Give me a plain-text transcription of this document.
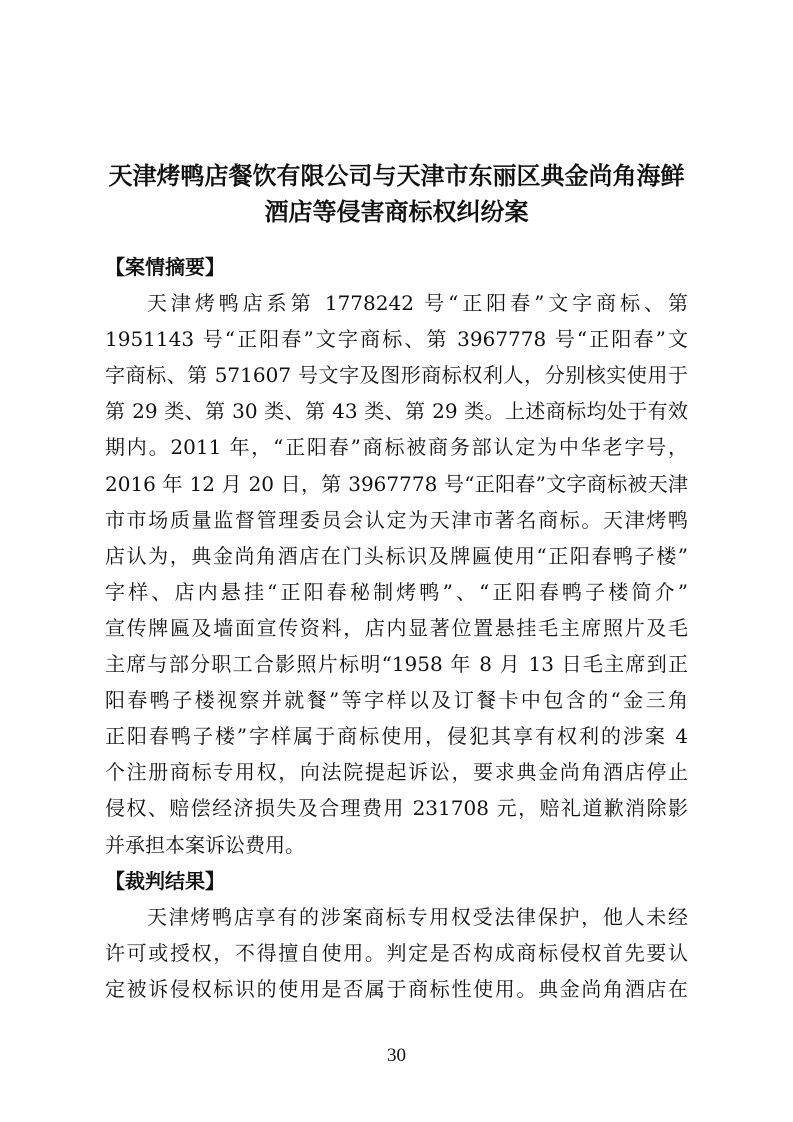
天津烤鸭店餐饮有限公司与天津市东丽区典金尚角海鲜
酒店等侵害商标权纠纷案
【案情摘要】
天津烤鸭店系第 1778242 号“正阳春”文字商标、第
1951143 号“正阳春”文字商标、第 3967778 号“正阳春”文
字商标、第 571607 号文字及图形商标权利人，分别核实使用于
第 29 类、第 30 类、第 43 类、第 29 类。上述商标均处于有效
期内。2011 年，“正阳春”商标被商务部认定为中华老字号，
2016 年 12 月 20 日，第 3967778 号“正阳春”文字商标被天津
市市场质量监督管理委员会认定为天津市著名商标。天津烤鸭
店认为，典金尚角酒店在门头标识及牌匾使用“正阳春鸭子楼”
字样、店内悬挂“正阳春秘制烤鸭”、“正阳春鸭子楼简介”
宣传牌匾及墙面宣传资料，店内显著位置悬挂毛主席照片及毛
主席与部分职工合影照片标明“1958 年 8 月 13 日毛主席到正
阳春鸭子楼视察并就餐”等字样以及订餐卡中包含的“金三角
正阳春鸭子楼”字样属于商标使用，侵犯其享有权利的涉案 4
个注册商标专用权，向法院提起诉讼，要求典金尚角酒店停止
侵权、赔偿经济损失及合理费用 231708 元，赔礼道歉消除影
并承担本案诉讼费用。
【裁判结果】
天津烤鸭店享有的涉案商标专用权受法律保护，他人未经
许可或授权，不得擅自使用。判定是否构成商标侵权首先要认
定被诉侵权标识的使用是否属于商标性使用。典金尚角酒店在
30
